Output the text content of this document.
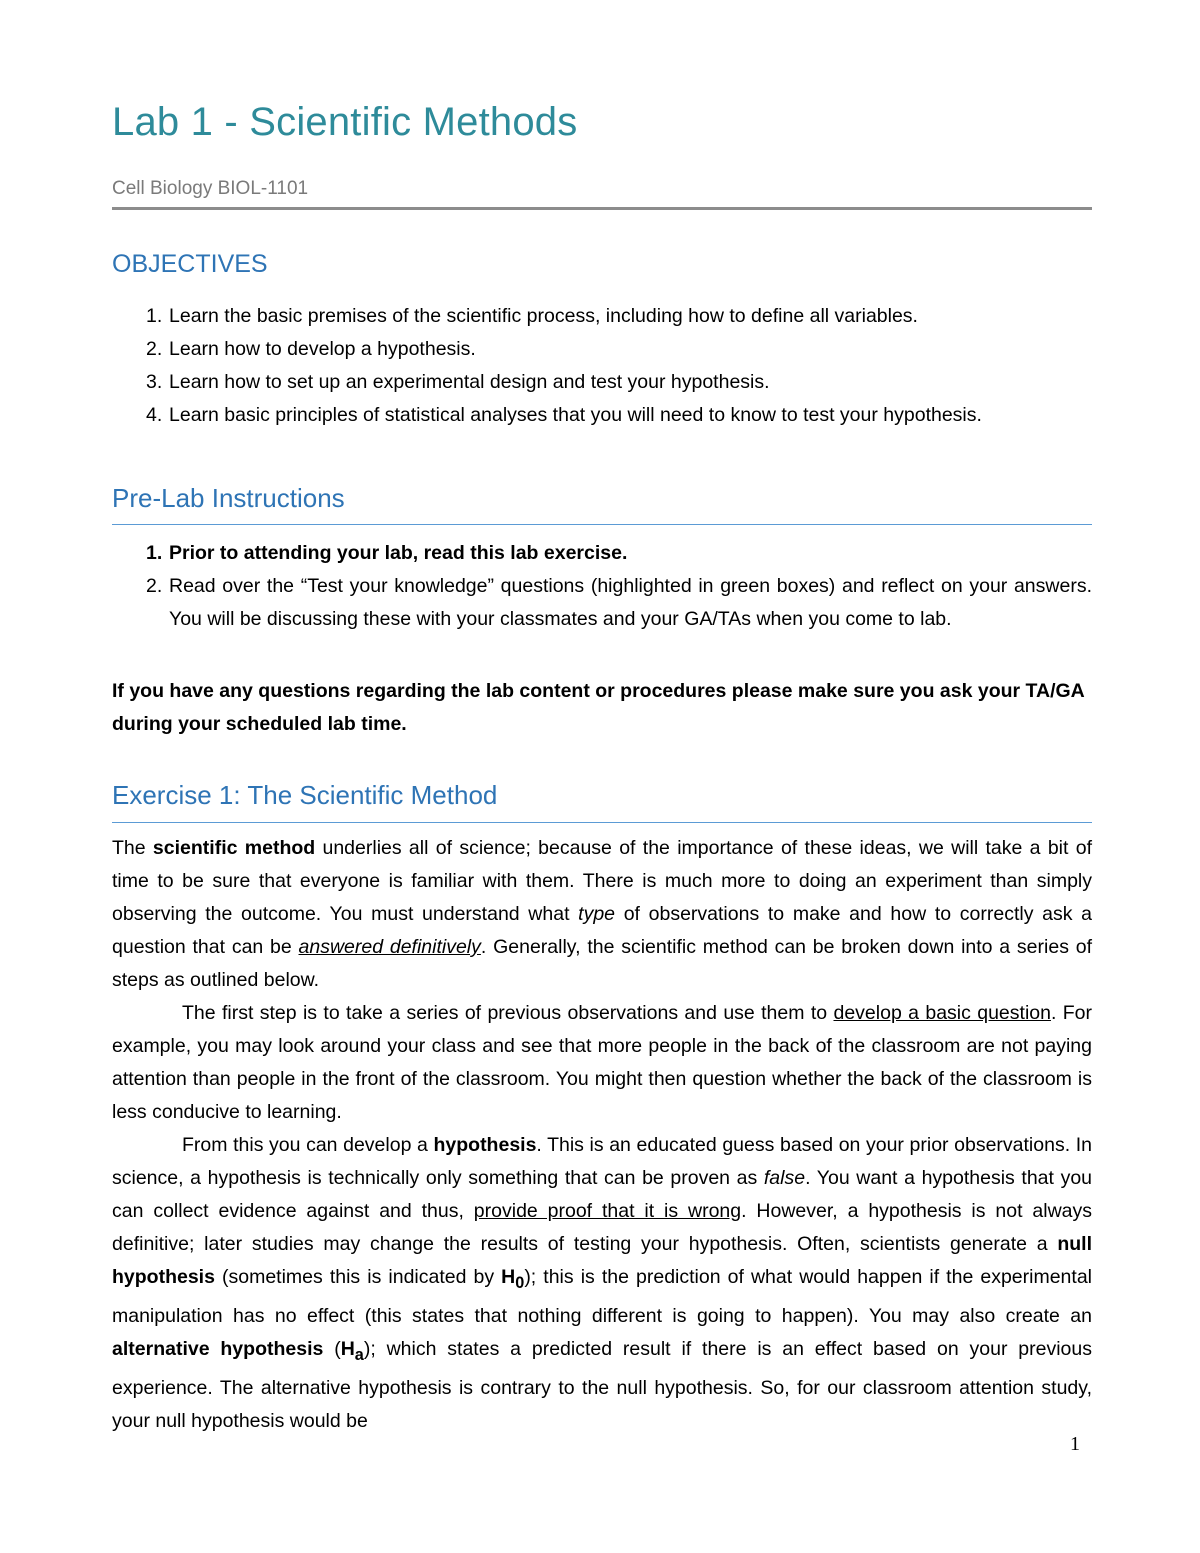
Lab 1 - Scientific Methods
Cell Biology BIOL-1101
OBJECTIVES
1. Learn the basic premises of the scientific process, including how to define all variables.
2. Learn how to develop a hypothesis.
3. Learn how to set up an experimental design and test your hypothesis.
4. Learn basic principles of statistical analyses that you will need to know to test your hypothesis.
Pre-Lab Instructions
1. Prior to attending your lab, read this lab exercise.
2. Read over the “Test your knowledge” questions (highlighted in green boxes) and reflect on your answers. You will be discussing these with your classmates and your GA/TAs when you come to lab.

If you have any questions regarding the lab content or procedures please make sure you ask your TA/GA during your scheduled lab time.

Exercise 1: The Scientific Method

The scientific method underlies all of science; because of the importance of these ideas, we will take a bit of time to be sure that everyone is familiar with them. There is much more to doing an experiment than simply observing the outcome. You must understand what type of observations to make and how to correctly ask a question that can be answered definitively. Generally, the scientific method can be broken down into a series of steps as outlined below.

The first step is to take a series of previous observations and use them to develop a basic question. For example, you may look around your class and see that more people in the back of the classroom are not paying attention than people in the front of the classroom. You might then question whether the back of the classroom is less conducive to learning.

From this you can develop a hypothesis. This is an educated guess based on your prior observations. In science, a hypothesis is technically only something that can be proven as false. You want a hypothesis that you can collect evidence against and thus, provide proof that it is wrong. However, a hypothesis is not always definitive; later studies may change the results of testing your hypothesis. Often, scientists generate a null hypothesis (sometimes this is indicated by $H_0$); this is the prediction of what would happen if the experimental manipulation has no effect (this states that nothing different is going to happen). You may also create an alternative hypothesis $(H_a)$; which states a predicted result if there is an effect based on your previous experience. The alternative hypothesis is contrary to the null hypothesis. So, for our classroom attention study, your null hypothesis would be

1
